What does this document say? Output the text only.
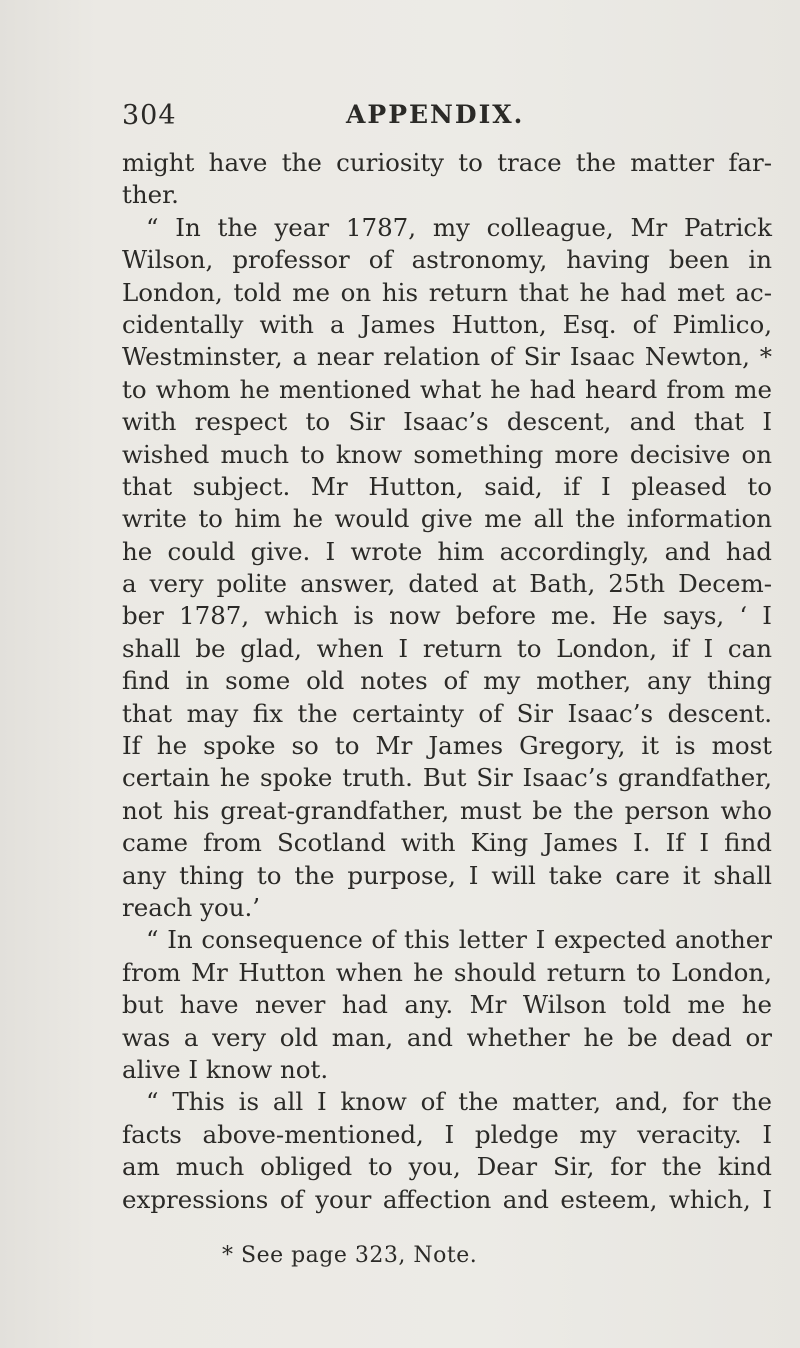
304	APPENDIX.
might have the curiosity to trace the matter far-
ther.
“ In the year 1787, my colleague, Mr Patrick
Wilson, professor of astronomy, having been in
London, told me on his return that he had met ac-
cidentally with a James Hutton, Esq. of Pimlico,
Westminster, a near relation of Sir Isaac Newton, *
to whom he mentioned what he had heard from me
with respect to Sir Isaac’s descent, and that I
wished much to know something more decisive on
that subject. Mr Hutton, said, if I pleased to
write to him he would give me all the information
he could give. I wrote him accordingly, and had
a very polite answer, dated at Bath, 25th Decem-
ber 1787, which is now before me. He says, ‘ I
shall be glad, when I return to London, if I can
find in some old notes of my mother, any thing
that may fix the certainty of Sir Isaac’s descent.
If he spoke so to Mr James Gregory, it is most
certain he spoke truth. But Sir Isaac’s grandfather,
not his great-grandfather, must be the person who
came from Scotland with King James I. If I find
any thing to the purpose, I will take care it shall
reach you.’
“ In consequence of this letter I expected another
from Mr Hutton when he should return to London,
but have never had any. Mr Wilson told me he
was a very old man, and whether he be dead or
alive I know not.
“ This is all I know of the matter, and, for the
facts above-mentioned, I pledge my veracity. I
am much obliged to you, Dear Sir, for the kind
expressions of your affection and esteem, which, I
* See page 323, Note.
